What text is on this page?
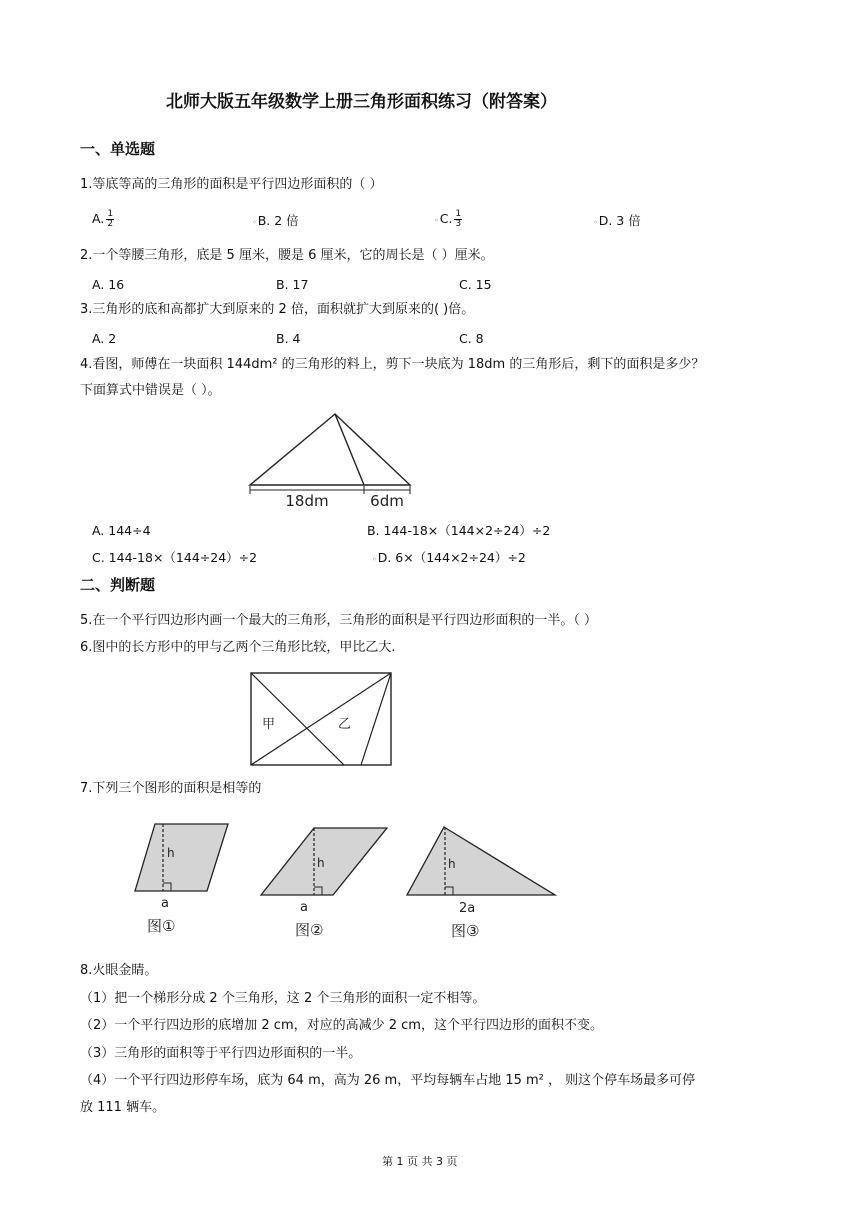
北师大版五年级数学上册三角形面积练习（附答案）
一、单选题
1.等底等高的三角形的面积是平行四边形面积的（ ）
A. $\frac{1}{2}$	◦B. 2 倍	◦C. $\frac{1}{3}$	◦D. 3 倍
2.一个等腰三角形，底是 5 厘米，腰是 6 厘米，它的周长是（ ）厘米。
A. 16	B. 17	C. 15
3.三角形的底和高都扩大到原来的 2 倍，面积就扩大到原来的( )倍。
A. 2	B. 4	C. 8
4.看图，师傅在一块面积 144dm² 的三角形的料上，剪下一块底为 18dm 的三角形后，剩下的面积是多少？
下面算式中错误是（ ）。
18dm	6dm
A. 144÷4	B. 144-18×（144×2÷24）÷2
C. 144-18×（144÷24）÷2	◦D. 6×（144×2÷24）÷2
二、判断题
5.在一个平行四边形内画一个最大的三角形，三角形的面积是平行四边形面积的一半。（ ）
6.图中的长方形中的甲与乙两个三角形比较，甲比乙大.
甲	乙
7.下列三个图形的面积是相等的
h
a
图①
h
a
图②
h
2a
图③
8.火眼金睛。
（1）把一个梯形分成 2 个三角形，这 2 个三角形的面积一定不相等。
（2）一个平行四边形的底增加 2 cm，对应的高减少 2 cm，这个平行四边形的面积不变。
（3）三角形的面积等于平行四边形面积的一半。
（4）一个平行四边形停车场，底为 64 m，高为 26 m，平均每辆车占地 15 m² ， 则这个停车场最多可停
放 111 辆车。
第 1 页 共 3 页
